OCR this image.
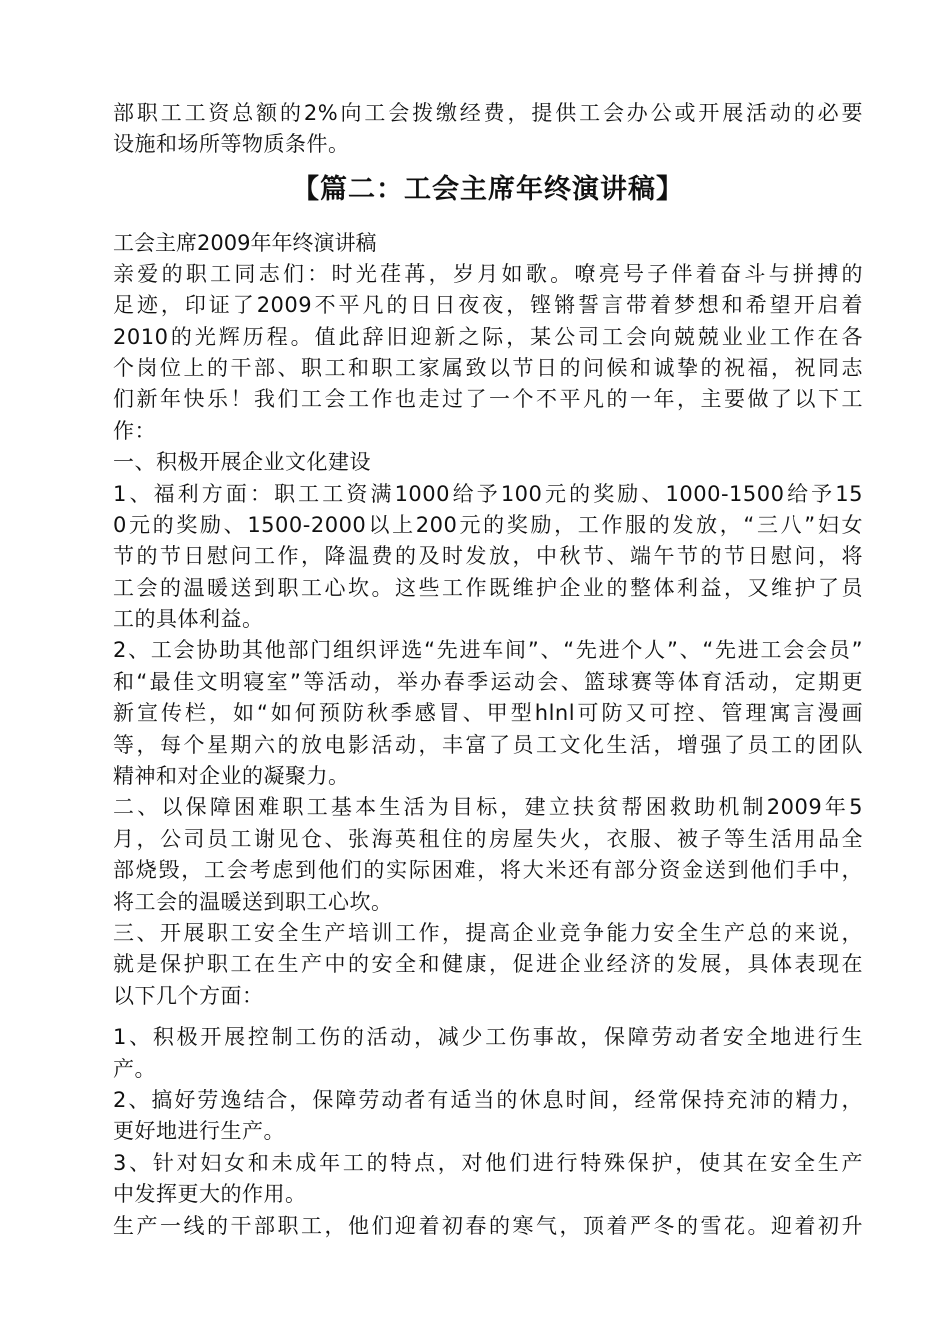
部职工工资总额的2%向工会拨缴经费，提供工会办公或开展活动的必要
设施和场所等物质条件。
【篇二：工会主席年终演讲稿】
工会主席2009年年终演讲稿
亲爱的职工同志们：时光荏苒，岁月如歌。嘹亮号子伴着奋斗与拼搏的
足迹，印证了2009不平凡的日日夜夜，铿锵誓言带着梦想和希望开启着
2010的光辉历程。值此辞旧迎新之际，某公司工会向兢兢业业工作在各
个岗位上的干部、职工和职工家属致以节日的问候和诚挚的祝福，祝同志
们新年快乐！我们工会工作也走过了一个不平凡的一年，主要做了以下工
作：
一、积极开展企业文化建设
1、福利方面：职工工资满1000给予100元的奖励、1000-1500给予15
0元的奖励、1500-2000以上200元的奖励，工作服的发放，“三八”妇女
节的节日慰问工作，降温费的及时发放，中秋节、端午节的节日慰问，将
工会的温暖送到职工心坎。这些工作既维护企业的整体利益，又维护了员
工的具体利益。
2、工会协助其他部门组织评选“先进车间”、“先进个人”、“先进工会会员”
和“最佳文明寝室”等活动，举办春季运动会、篮球赛等体育活动，定期更
新宣传栏，如“如何预防秋季感冒、甲型hlnl可防又可控、管理寓言漫画
等，每个星期六的放电影活动，丰富了员工文化生活，增强了员工的团队
精神和对企业的凝聚力。
二、以保障困难职工基本生活为目标，建立扶贫帮困救助机制2009年5
月，公司员工谢见仓、张海英租住的房屋失火，衣服、被子等生活用品全
部烧毁，工会考虑到他们的实际困难，将大米还有部分资金送到他们手中，
将工会的温暖送到职工心坎。
三、开展职工安全生产培训工作，提高企业竞争能力安全生产总的来说，
就是保护职工在生产中的安全和健康，促进企业经济的发展，具体表现在
以下几个方面：
1、积极开展控制工伤的活动，减少工伤事故，保障劳动者安全地进行生
产。
2、搞好劳逸结合，保障劳动者有适当的休息时间，经常保持充沛的精力，
更好地进行生产。
3、针对妇女和未成年工的特点，对他们进行特殊保护，使其在安全生产
中发挥更大的作用。
生产一线的干部职工，他们迎着初春的寒气，顶着严冬的雪花。迎着初升
